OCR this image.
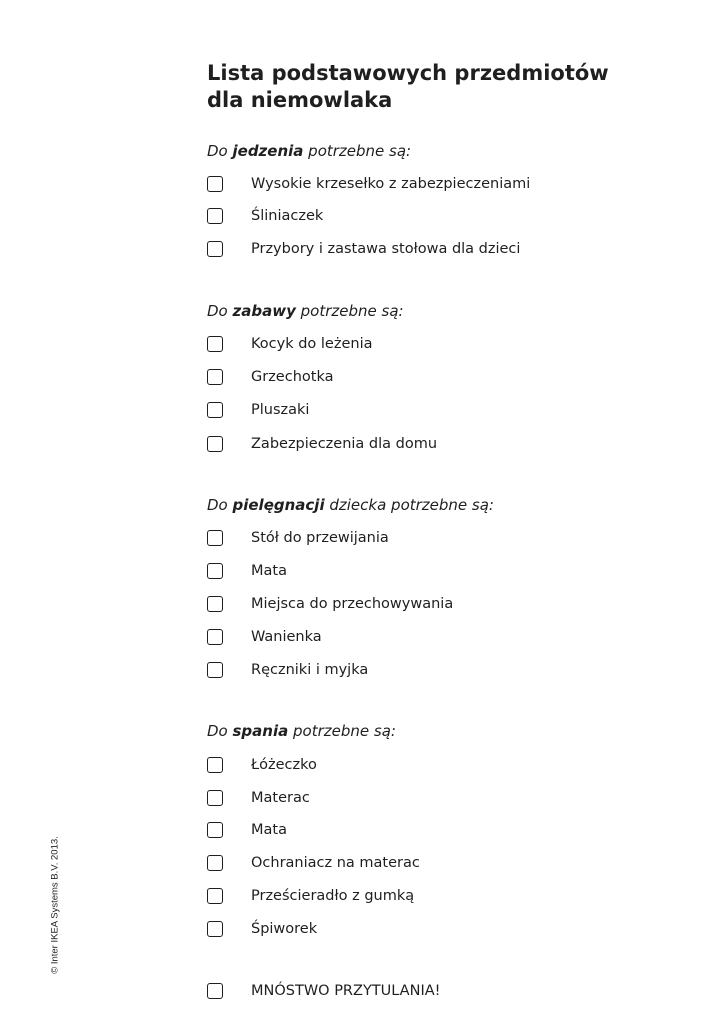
Lista podstawowych przedmiotów
dla niemowlaka

Do jedzenia potrzebne są:

Wysokie krzesełko z zabezpieczeniami
Śliniaczek
Przybory i zastawa stołowa dla dzieci

Do zabawy potrzebne są:

Kocyk do leżenia
Grzechotka
Pluszaki
Zabezpieczenia dla domu

Do pielęgnacji dziecka potrzebne są:

Stół do przewijania
Mata
Miejsca do przechowywania
Wanienka
Ręczniki i myjka

Do spania potrzebne są:

Łóżeczko
Materac
Mata
Ochraniacz na materac
Prześcieradło z gumką
Śpiworek
MNÓSTWO PRZYTULANIA!
© Inter IKEA Systems B.V. 2013.
